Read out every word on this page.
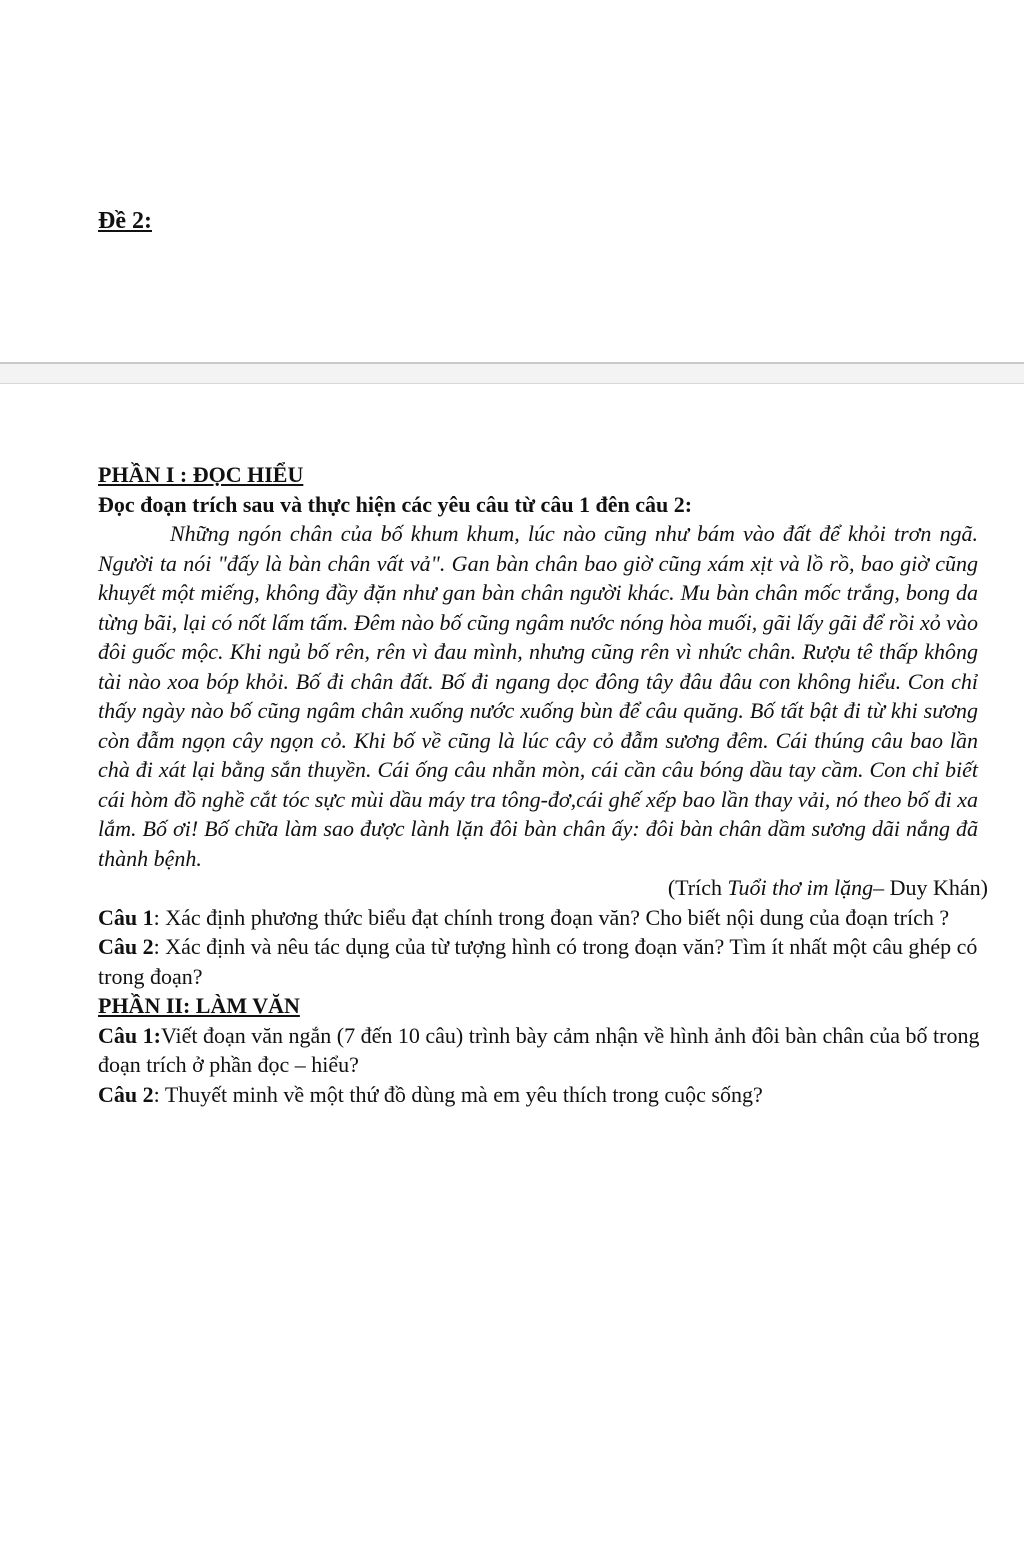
Đề 2:

PHẦN I : ĐỌC HIỂU

Đọc đoạn trích sau và thực hiện các yêu câu từ câu 1 đên câu 2:

Những ngón chân của bố khum khum, lúc nào cũng như bám vào đất để khỏi trơn ngã. Người ta nói "đấy là bàn chân vất vả". Gan bàn chân bao giờ cũng xám xịt và lồ rồ, bao giờ cũng khuyết một miếng, không đầy đặn như gan bàn chân người khác. Mu bàn chân mốc trắng, bong da từng bãi, lại có nốt lấm tấm. Đêm nào bố cũng ngâm nước nóng hòa muối, gãi lấy gãi để rồi xỏ vào đôi guốc mộc. Khi ngủ bố rên, rên vì đau mình, nhưng cũng rên vì nhức chân. Rượu tê thấp không tài nào xoa bóp khỏi. Bố đi chân đất. Bố đi ngang dọc đông tây đâu đâu con không hiểu. Con chỉ thấy ngày nào bố cũng ngâm chân xuống nước xuống bùn để câu quăng. Bố tất bật đi từ khi sương còn đẫm ngọn cây ngọn cỏ. Khi bố về cũng là lúc cây cỏ đẫm sương đêm. Cái thúng câu bao lần chà đi xát lại bằng sắn thuyền. Cái ống câu nhẵn mòn, cái cần câu bóng dầu tay cầm. Con chỉ biết cái hòm đồ nghề cắt tóc sực mùi dầu máy tra tông-đơ,cái ghế xếp bao lần thay vải, nó theo bố đi xa lắm. Bố ơi! Bố chữa làm sao được lành lặn đôi bàn chân ấy: đôi bàn chân dầm sương dãi nắng đã thành bệnh.

(Trích Tuổi thơ im lặng– Duy Khán)

Câu 1: Xác định phương thức biểu đạt chính trong đoạn văn? Cho biết nội dung của đoạn trích ?

Câu 2: Xác định và nêu tác dụng của từ tượng hình có trong đoạn văn? Tìm ít nhất một câu ghép có trong đoạn?

PHẦN II: LÀM VĂN

Câu 1:Viết đoạn văn ngắn (7 đến 10 câu) trình bày cảm nhận về hình ảnh đôi bàn chân của bố trong đoạn trích ở phần đọc – hiểu?

Câu 2: Thuyết minh về một thứ đồ dùng mà em yêu thích trong cuộc sống?
